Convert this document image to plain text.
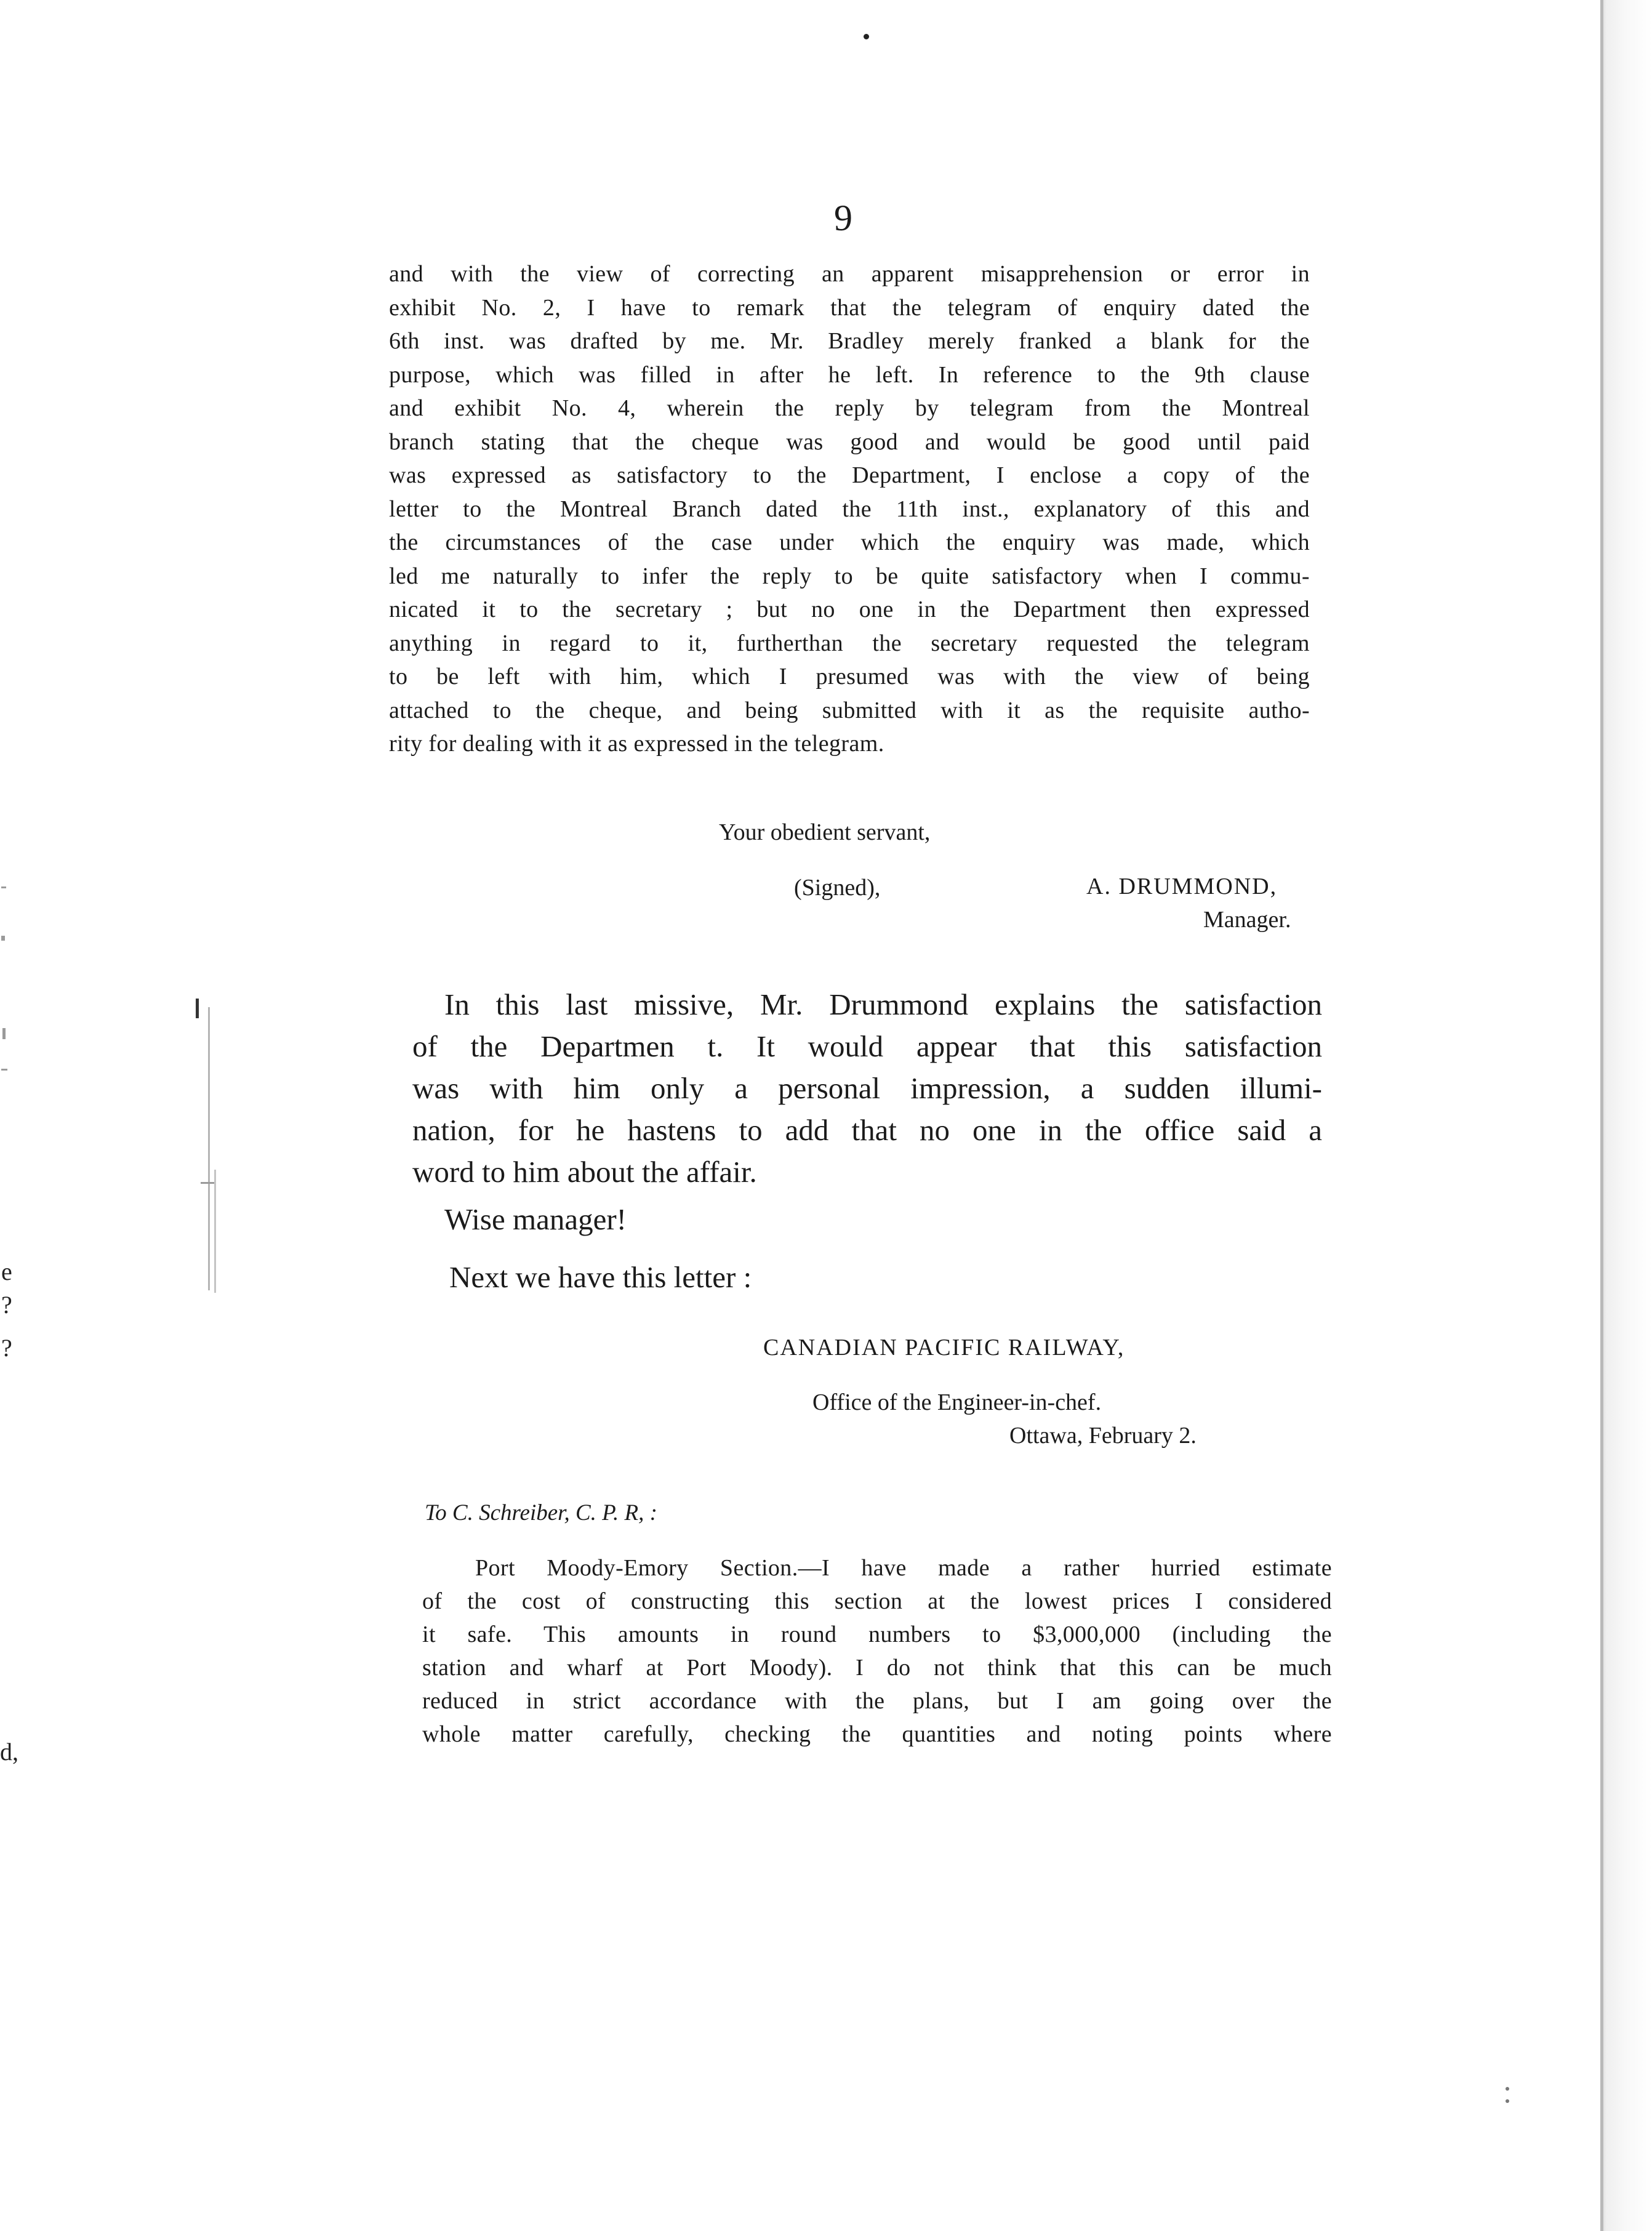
9
and with the view of correcting an apparent misapprehension or error in
exhibit No. 2, I have to remark that the telegram of enquiry dated the
6th inst. was drafted by me. Mr. Bradley merely franked a blank for the
purpose, which was filled in after he left. In reference to the 9th clause
and exhibit No. 4, wherein the reply by telegram from the Montreal
branch stating that the cheque was good and would be good until paid
was expressed as satisfactory to the Department, I enclose a copy of the
letter to the Montreal Branch dated the 11th inst., explanatory of this and
the circumstances of the case under which the enquiry was made, which
led me naturally to infer the reply to be quite satisfactory when I commu-
nicated it to the secretary ; but no one in the Department then expressed
anything in regard to it, furtherthan the secretary requested the telegram
to be left with him, which I presumed was with the view of being
attached to the cheque, and being submitted with it as the requisite autho-
rity for dealing with it as expressed in the telegram.
Your obedient servant,
(Signed),	A. DRUMMOND,
Manager.
In this last missive, Mr. Drummond explains the satisfaction
of the Departmen t. It would appear that this satisfaction
was with him only a personal impression, a sudden illumi-
nation, for he hastens to add that no one in the office said a
word to him about the affair.
Wise manager!
Next we have this letter :
CANADIAN PACIFIC RAILWAY,
Office of the Engineer-in-chef.
Ottawa, February 2.
To C. Schreiber, C. P. R, :
Port Moody-Emory Section.—I have made a rather hurried estimate
of the cost of constructing this section at the lowest prices I considered
it safe. This amounts in round numbers to $3,000,000 (including the
station and wharf at Port Moody). I do not think that this can be much
reduced in strict accordance with the plans, but I am going over the
whole matter carefully, checking the quantities and noting points where
e
?
?
d,
